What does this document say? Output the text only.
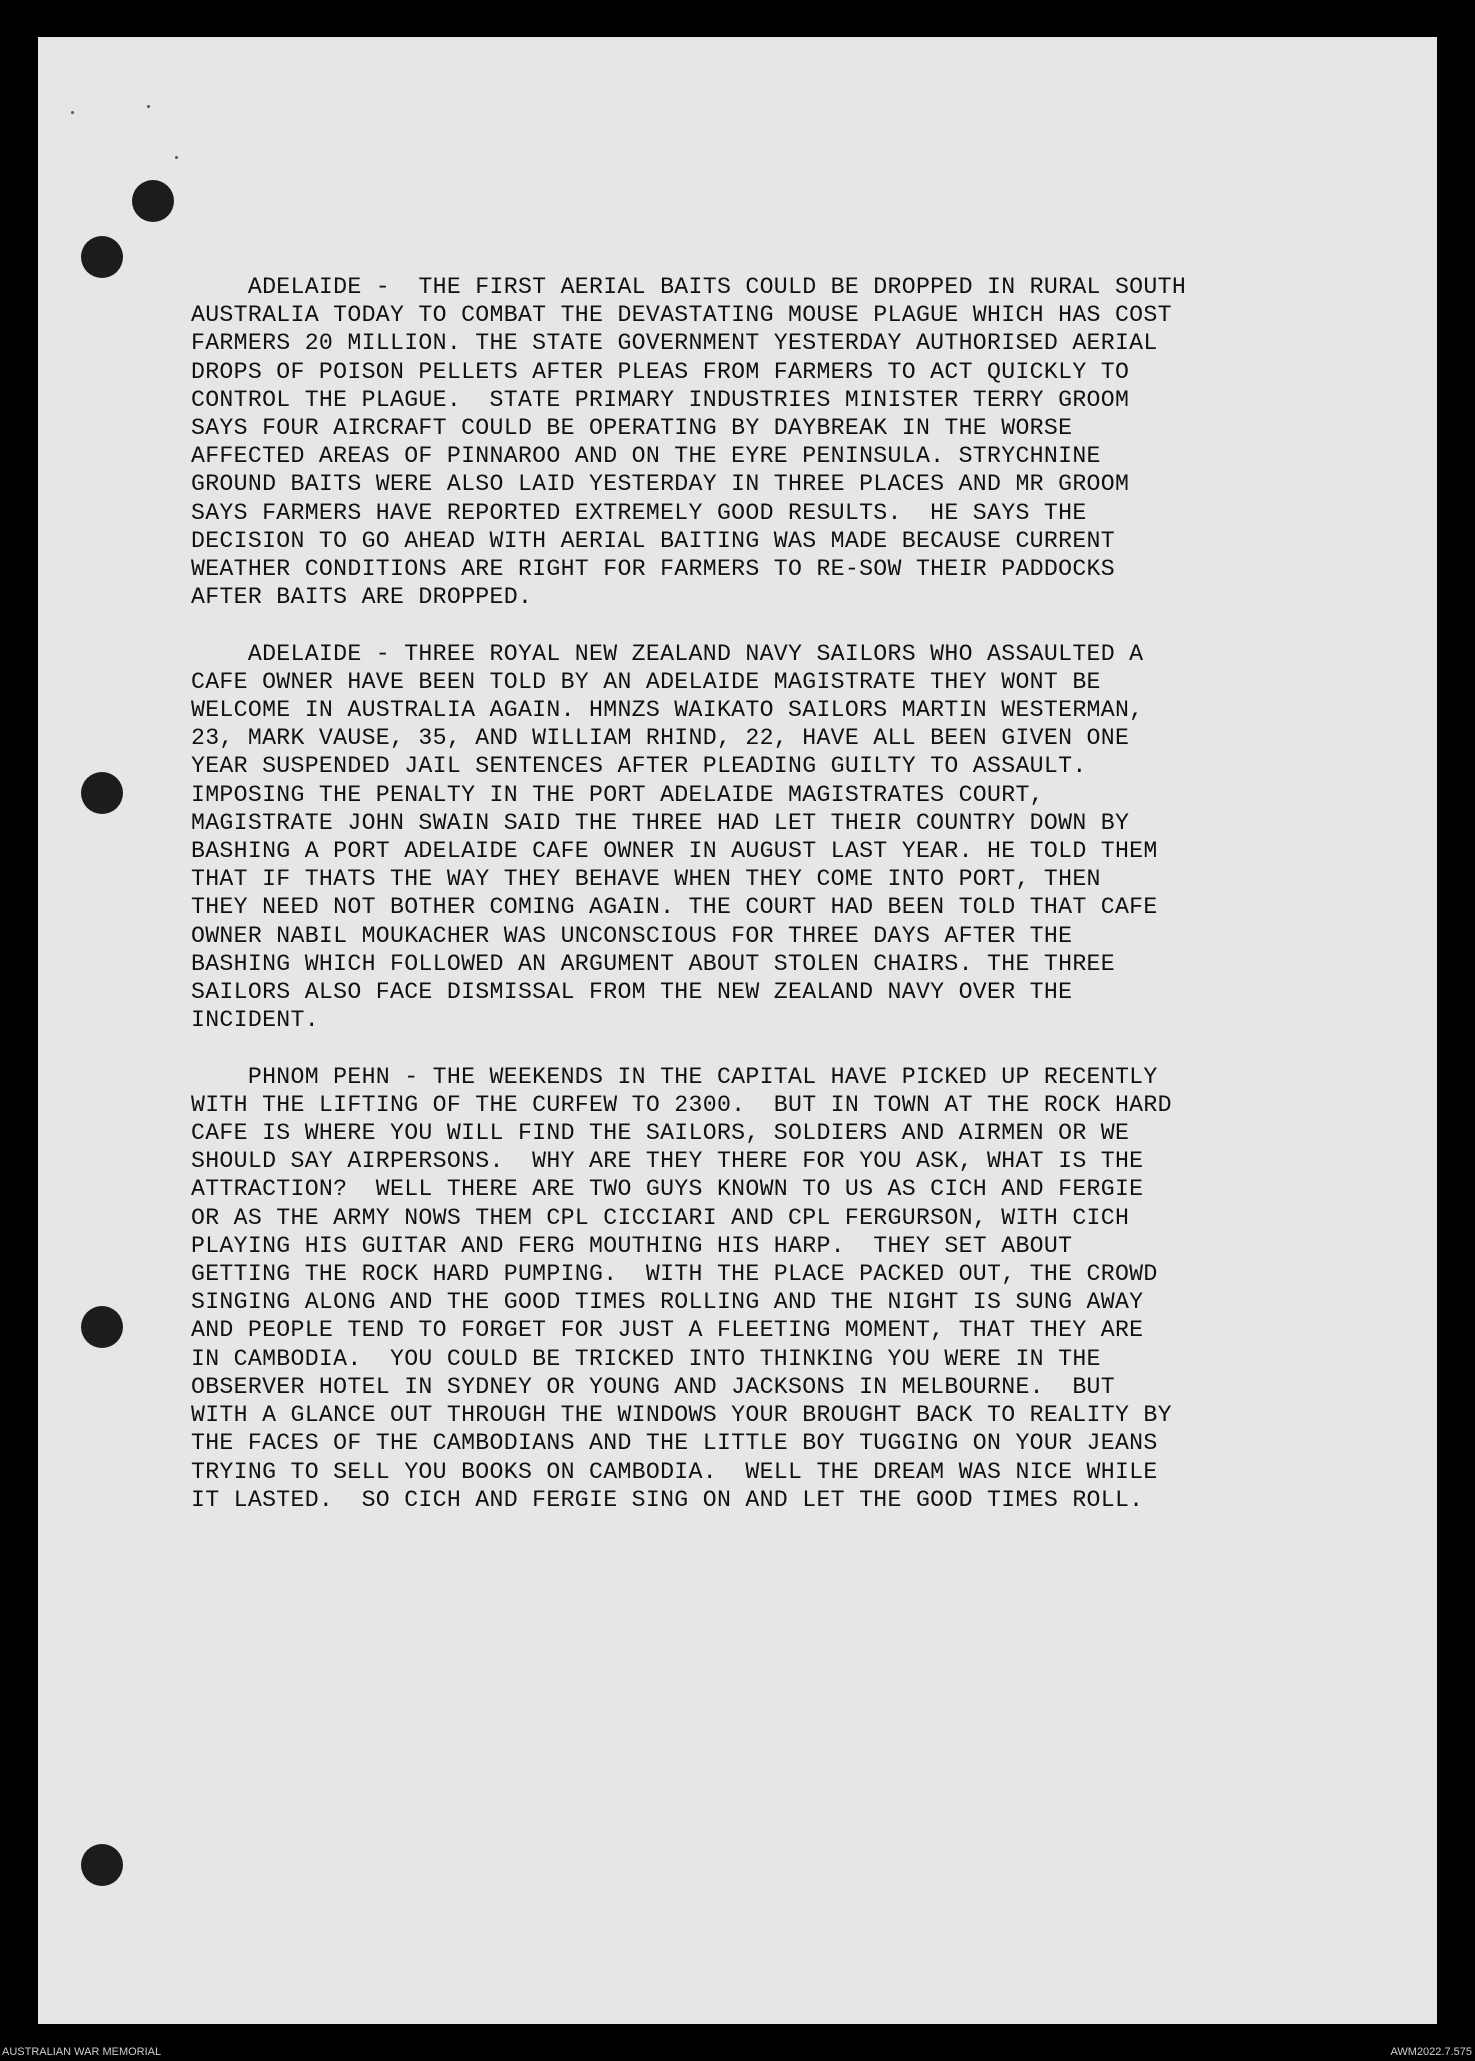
ADELAIDE -  THE FIRST AERIAL BAITS COULD BE DROPPED IN RURAL SOUTH
AUSTRALIA TODAY TO COMBAT THE DEVASTATING MOUSE PLAGUE WHICH HAS COST
FARMERS 20 MILLION. THE STATE GOVERNMENT YESTERDAY AUTHORISED AERIAL
DROPS OF POISON PELLETS AFTER PLEAS FROM FARMERS TO ACT QUICKLY TO
CONTROL THE PLAGUE.  STATE PRIMARY INDUSTRIES MINISTER TERRY GROOM
SAYS FOUR AIRCRAFT COULD BE OPERATING BY DAYBREAK IN THE WORSE
AFFECTED AREAS OF PINNAROO AND ON THE EYRE PENINSULA. STRYCHNINE
GROUND BAITS WERE ALSO LAID YESTERDAY IN THREE PLACES AND MR GROOM
SAYS FARMERS HAVE REPORTED EXTREMELY GOOD RESULTS.  HE SAYS THE
DECISION TO GO AHEAD WITH AERIAL BAITING WAS MADE BECAUSE CURRENT
WEATHER CONDITIONS ARE RIGHT FOR FARMERS TO RE-SOW THEIR PADDOCKS
AFTER BAITS ARE DROPPED.

ADELAIDE - THREE ROYAL NEW ZEALAND NAVY SAILORS WHO ASSAULTED A
CAFE OWNER HAVE BEEN TOLD BY AN ADELAIDE MAGISTRATE THEY WONT BE
WELCOME IN AUSTRALIA AGAIN. HMNZS WAIKATO SAILORS MARTIN WESTERMAN,
23, MARK VAUSE, 35, AND WILLIAM RHIND, 22, HAVE ALL BEEN GIVEN ONE
YEAR SUSPENDED JAIL SENTENCES AFTER PLEADING GUILTY TO ASSAULT.
IMPOSING THE PENALTY IN THE PORT ADELAIDE MAGISTRATES COURT,
MAGISTRATE JOHN SWAIN SAID THE THREE HAD LET THEIR COUNTRY DOWN BY
BASHING A PORT ADELAIDE CAFE OWNER IN AUGUST LAST YEAR. HE TOLD THEM
THAT IF THATS THE WAY THEY BEHAVE WHEN THEY COME INTO PORT, THEN
THEY NEED NOT BOTHER COMING AGAIN. THE COURT HAD BEEN TOLD THAT CAFE
OWNER NABIL MOUKACHER WAS UNCONSCIOUS FOR THREE DAYS AFTER THE
BASHING WHICH FOLLOWED AN ARGUMENT ABOUT STOLEN CHAIRS. THE THREE
SAILORS ALSO FACE DISMISSAL FROM THE NEW ZEALAND NAVY OVER THE
INCIDENT.

PHNOM PEHN - THE WEEKENDS IN THE CAPITAL HAVE PICKED UP RECENTLY
WITH THE LIFTING OF THE CURFEW TO 2300.  BUT IN TOWN AT THE ROCK HARD
CAFE IS WHERE YOU WILL FIND THE SAILORS, SOLDIERS AND AIRMEN OR WE
SHOULD SAY AIRPERSONS.  WHY ARE THEY THERE FOR YOU ASK, WHAT IS THE
ATTRACTION?  WELL THERE ARE TWO GUYS KNOWN TO US AS CICH AND FERGIE
OR AS THE ARMY NOWS THEM CPL CICCIARI AND CPL FERGURSON, WITH CICH
PLAYING HIS GUITAR AND FERG MOUTHING HIS HARP.  THEY SET ABOUT
GETTING THE ROCK HARD PUMPING.  WITH THE PLACE PACKED OUT, THE CROWD
SINGING ALONG AND THE GOOD TIMES ROLLING AND THE NIGHT IS SUNG AWAY
AND PEOPLE TEND TO FORGET FOR JUST A FLEETING MOMENT, THAT THEY ARE
IN CAMBODIA.  YOU COULD BE TRICKED INTO THINKING YOU WERE IN THE
OBSERVER HOTEL IN SYDNEY OR YOUNG AND JACKSONS IN MELBOURNE.  BUT
WITH A GLANCE OUT THROUGH THE WINDOWS YOUR BROUGHT BACK TO REALITY BY
THE FACES OF THE CAMBODIANS AND THE LITTLE BOY TUGGING ON YOUR JEANS
TRYING TO SELL YOU BOOKS ON CAMBODIA.  WELL THE DREAM WAS NICE WHILE
IT LASTED.  SO CICH AND FERGIE SING ON AND LET THE GOOD TIMES ROLL.

AUSTRALIAN WAR MEMORIAL	AWM2022.7.575
